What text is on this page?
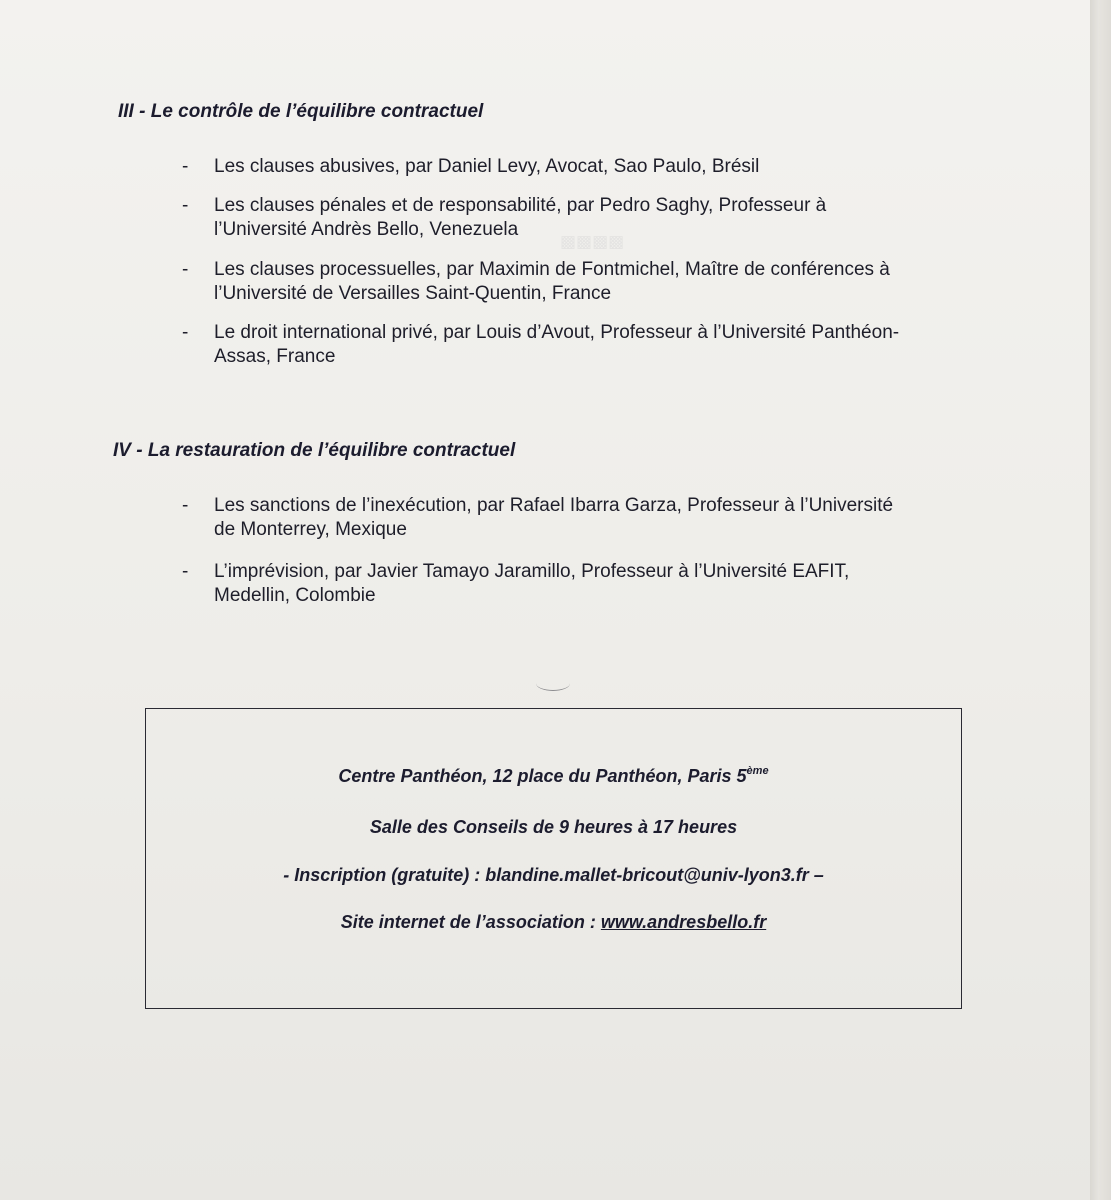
▩▩▩▩
III - Le contrôle de l’équilibre contractuel
- Les clauses abusives, par Daniel Levy, Avocat, Sao Paulo, Brésil
- Les clauses pénales et de responsabilité, par Pedro Saghy, Professeur à
l’Université Andrès Bello, Venezuela
- Les clauses processuelles, par Maximin de Fontmichel, Maître de conférences à
l’Université de Versailles Saint-Quentin, France
- Le droit international privé, par Louis d’Avout, Professeur à l’Université Panthéon-
Assas, France
IV - La restauration de l’équilibre contractuel
- Les sanctions de l’inexécution, par Rafael Ibarra Garza, Professeur à l’Université
de Monterrey, Mexique
- L’imprévision, par Javier Tamayo Jaramillo, Professeur à l’Université EAFIT,
Medellin, Colombie
Centre Panthéon, 12 place du Panthéon, Paris 5ème
Salle des Conseils de 9 heures à 17 heures
- Inscription (gratuite) : blandine.mallet-bricout@univ-lyon3.fr –
Site internet de l’association : www.andresbello.fr
